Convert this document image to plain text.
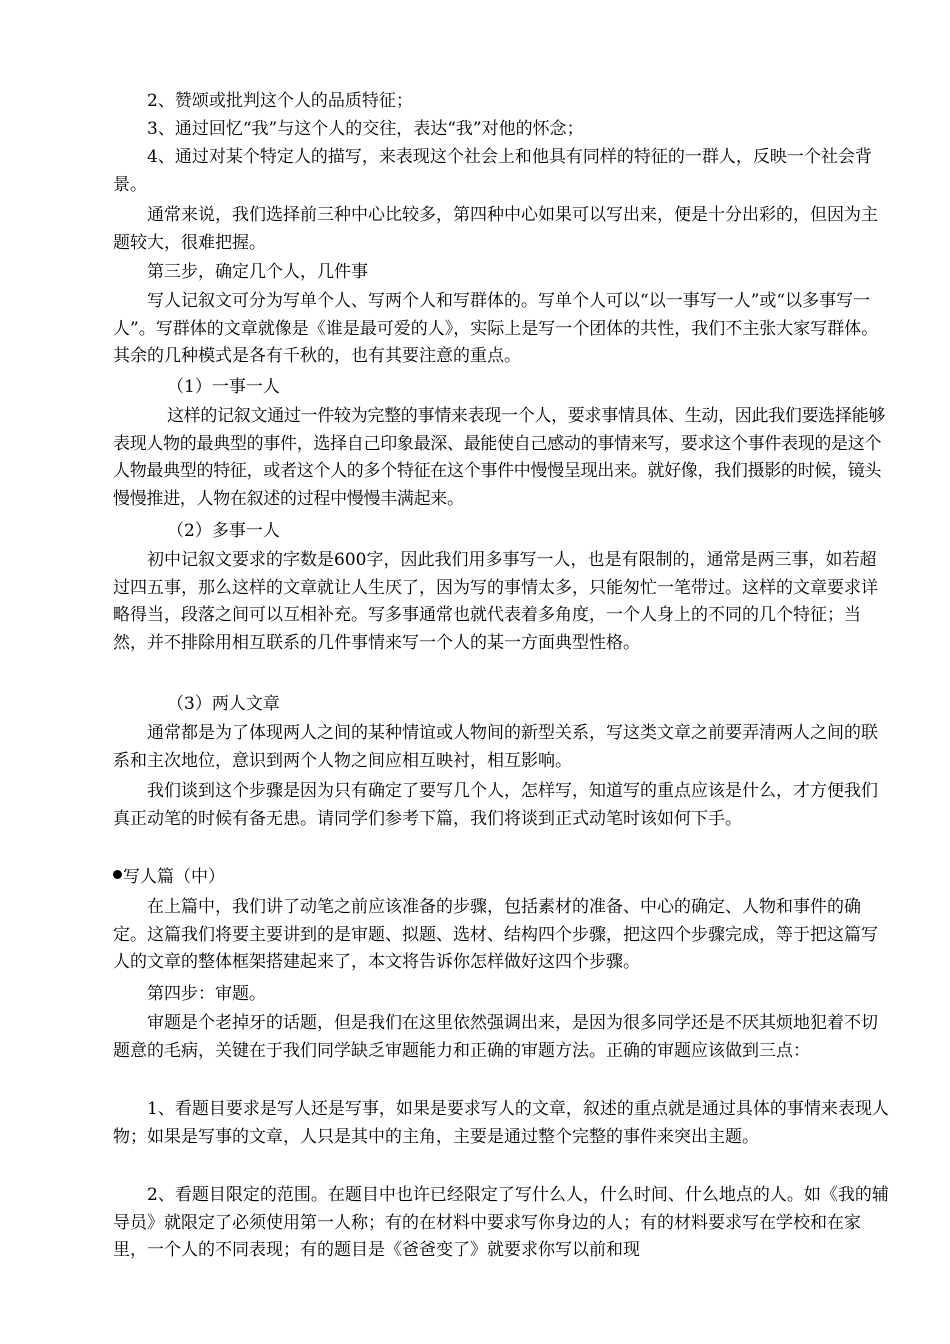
2、赞颂或批判这个人的品质特征；

3、通过回忆“我”与这个人的交往，表达“我”对他的怀念；

4、通过对某个特定人的描写，来表现这个社会上和他具有同样的特征的一群人，反映一个社会背景。

通常来说，我们选择前三种中心比较多，第四种中心如果可以写出来，便是十分出彩的，但因为主题较大，很难把握。

第三步，确定几个人，几件事

写人记叙文可分为写单个人、写两个人和写群体的。写单个人可以“以一事写一人”或“以多事写一人”。写群体的文章就像是《谁是最可爱的人》，实际上是写一个团体的共性，我们不主张大家写群体。其余的几种模式是各有千秋的，也有其要注意的重点。

（1）一事一人

这样的记叙文通过一件较为完整的事情来表现一个人，要求事情具体、生动，因此我们要选择能够表现人物的最典型的事件，选择自己印象最深、最能使自己感动的事情来写，要求这个事件表现的是这个人物最典型的特征，或者这个人的多个特征在这个事件中慢慢呈现出来。就好像，我们摄影的时候，镜头慢慢推进，人物在叙述的过程中慢慢丰满起来。

（2）多事一人

初中记叙文要求的字数是600字，因此我们用多事写一人，也是有限制的，通常是两三事，如若超过四五事，那么这样的文章就让人生厌了，因为写的事情太多，只能匆忙一笔带过。这样的文章要求详略得当，段落之间可以互相补充。写多事通常也就代表着多角度，一个人身上的不同的几个特征；当然，并不排除用相互联系的几件事情来写一个人的某一方面典型性格。

（3）两人文章

通常都是为了体现两人之间的某种情谊或人物间的新型关系，写这类文章之前要弄清两人之间的联系和主次地位，意识到两个人物之间应相互映衬，相互影响。

我们谈到这个步骤是因为只有确定了要写几个人，怎样写，知道写的重点应该是什么，才方便我们真正动笔的时候有备无患。请同学们参考下篇，我们将谈到正式动笔时该如何下手。

写人篇（中）

在上篇中，我们讲了动笔之前应该准备的步骤，包括素材的准备、中心的确定、人物和事件的确定。这篇我们将要主要讲到的是审题、拟题、选材、结构四个步骤，把这四个步骤完成，等于把这篇写人的文章的整体框架搭建起来了，本文将告诉你怎样做好这四个步骤。

第四步：审题。

审题是个老掉牙的话题，但是我们在这里依然强调出来，是因为很多同学还是不厌其烦地犯着不切题意的毛病，关键在于我们同学缺乏审题能力和正确的审题方法。正确的审题应该做到三点：

1、看题目要求是写人还是写事，如果是要求写人的文章，叙述的重点就是通过具体的事情来表现人物；如果是写事的文章，人只是其中的主角，主要是通过整个完整的事件来突出主题。

2、看题目限定的范围。在题目中也许已经限定了写什么人，什么时间、什么地点的人。如《我的辅导员》就限定了必须使用第一人称；有的在材料中要求写你身边的人；有的材料要求写在学校和在家里，一个人的不同表现；有的题目是《爸爸变了》就要求你写以前和现
